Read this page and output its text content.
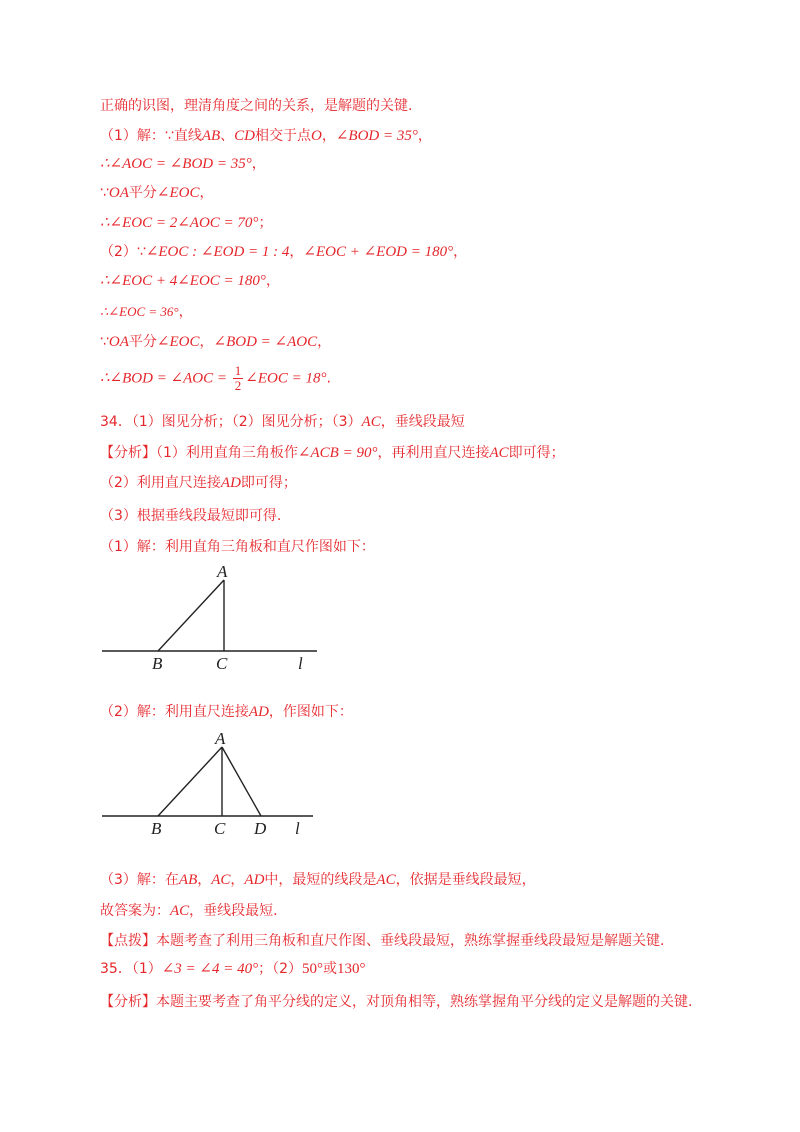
正确的识图，理清角度之间的关系，是解题的关键.

（1）解：∵直线AB、CD相交于点O，∠BOD = 35°，

∴∠AOC = ∠BOD = 35°，

∵OA平分∠EOC，

∴∠EOC = 2∠AOC = 70°；

（2）∵∠EOC : ∠EOD = 1 : 4，∠EOC + ∠EOD = 180°，

∴∠EOC + 4∠EOC = 180°，

∴∠EOC = 36°，

∵OA平分∠EOC，∠BOD = ∠AOC，

∴∠BOD = ∠AOC = $\frac{1}{2}$ ∠EOC = 18°.

34．（1）图见分析；（2）图见分析；（3）AC，垂线段最短

【分析】（1）利用直角三角板作∠ACB = 90°，再利用直尺连接AC即可得；

（2）利用直尺连接AD即可得；

（3）根据垂线段最短即可得.

（1）解：利用直角三角板和直尺作图如下：

A
B	C	l

（2）解：利用直尺连接AD，作图如下：

A
B	C D l

（3）解：在AB，AC，AD中，最短的线段是AC，依据是垂线段最短，

故答案为：AC，垂线段最短.

【点拨】本题考查了利用三角板和直尺作图、垂线段最短，熟练掌握垂线段最短是解题关键.

35．（1）∠3 = ∠4 = 40°；（2）50°或130°

【分析】本题主要考查了角平分线的定义，对顶角相等，熟练掌握角平分线的定义是解题的关键.
